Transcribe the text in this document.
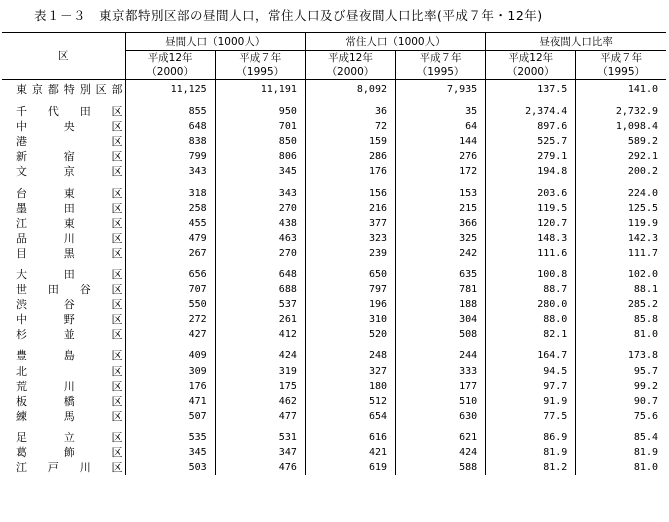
表１－３　東京都特別区部の昼間人口，常住人口及び昼夜間人口比率(平成７年・12年)
区	昼間人口（1000人）		常住人口（1000人）		昼夜間人口比率	
	平成12年	平成７年	平成12年	平成７年	平成12年	平成７年
	（2000）	（1995）	（2000）	（1995）	（2000）	（1995）
東京都特別区部	11,125	11,191	8,092	7,935	137.5	141.0

千代田区	855	950	36	35	2,374.4	2,732.9
中央区	648	701	72	64	897.6	1,098.4
港区	838	850	159	144	525.7	589.2
新宿区	799	806	286	276	279.1	292.1
文京区	343	345	176	172	194.8	200.2

台東区	318	343	156	153	203.6	224.0
墨田区	258	270	216	215	119.5	125.5
江東区	455	438	377	366	120.7	119.9
品川区	479	463	323	325	148.3	142.3
目黒区	267	270	239	242	111.6	111.7

大田区	656	648	650	635	100.8	102.0
世田谷区	707	688	797	781	88.7	88.1
渋谷区	550	537	196	188	280.0	285.2
中野区	272	261	310	304	88.0	85.8
杉並区	427	412	520	508	82.1	81.0

豊島区	409	424	248	244	164.7	173.8
北区	309	319	327	333	94.5	95.7
荒川区	176	175	180	177	97.7	99.2
板橋区	471	462	512	510	91.9	90.7
練馬区	507	477	654	630	77.5	75.6

足立区	535	531	616	621	86.9	85.4
葛飾区	345	347	421	424	81.9	81.9
江戸川区	503	476	619	588	81.2	81.0
